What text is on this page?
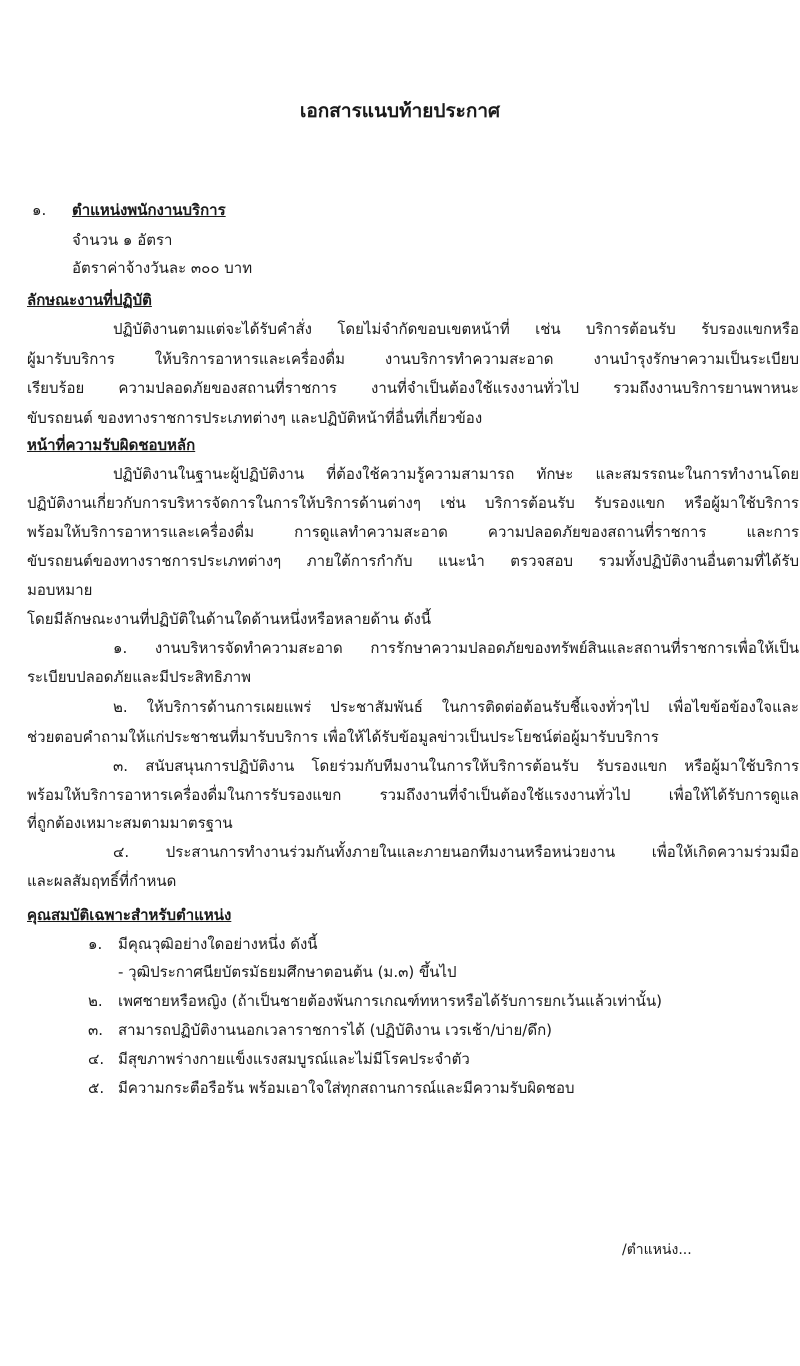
เอกสารแนบท้ายประกาศ
๑. ตำแหน่งพนักงานบริการ
จำนวน ๑ อัตรา
อัตราค่าจ้างวันละ ๓๐๐ บาท
ลักษณะงานที่ปฏิบัติ
ปฏิบัติงานตามแต่จะได้รับคำสั่ง โดยไม่จำกัดขอบเขตหน้าที่ เช่น บริการต้อนรับ รับรองแขกหรือ
ผู้มารับบริการ ให้บริการอาหารและเครื่องดื่ม งานบริการทำความสะอาด งานบำรุงรักษาความเป็นระเบียบ
เรียบร้อย ความปลอดภัยของสถานที่ราชการ งานที่จำเป็นต้องใช้แรงงานทั่วไป รวมถึงงานบริการยานพาหนะ
ขับรถยนต์ ของทางราชการประเภทต่างๆ และปฏิบัติหน้าที่อื่นที่เกี่ยวข้อง
หน้าที่ความรับผิดชอบหลัก
ปฏิบัติงานในฐานะผู้ปฏิบัติงาน ที่ต้องใช้ความรู้ความสามารถ ทักษะ และสมรรถนะในการทำงานโดย
ปฏิบัติงานเกี่ยวกับการบริหารจัดการในการให้บริการด้านต่างๆ เช่น บริการต้อนรับ รับรองแขก หรือผู้มาใช้บริการ
พร้อมให้บริการอาหารและเครื่องดื่ม การดูแลทำความสะอาด ความปลอดภัยของสถานที่ราชการ และการ
ขับรถยนต์ของทางราชการประเภทต่างๆ ภายใต้การกำกับ แนะนำ ตรวจสอบ รวมทั้งปฏิบัติงานอื่นตามที่ได้รับ
มอบหมาย
โดยมีลักษณะงานที่ปฏิบัติในด้านใดด้านหนึ่งหรือหลายด้าน ดังนี้
๑. งานบริหารจัดทำความสะอาด การรักษาความปลอดภัยของทรัพย์สินและสถานที่ราชการเพื่อให้เป็น
ระเบียบปลอดภัยและมีประสิทธิภาพ
๒. ให้บริการด้านการเผยแพร่ ประชาสัมพันธ์ ในการติดต่อต้อนรับชี้แจงทั่วๆไป เพื่อไขข้อข้องใจและ
ช่วยตอบคำถามให้แก่ประชาชนที่มารับบริการ เพื่อให้ได้รับข้อมูลข่าวเป็นประโยชน์ต่อผู้มารับบริการ
๓. สนับสนุนการปฏิบัติงาน โดยร่วมกับทีมงานในการให้บริการต้อนรับ รับรองแขก หรือผู้มาใช้บริการ
พร้อมให้บริการอาหารเครื่องดื่มในการรับรองแขก รวมถึงงานที่จำเป็นต้องใช้แรงงานทั่วไป เพื่อให้ได้รับการดูแล
ที่ถูกต้องเหมาะสมตามมาตรฐาน
๔. ประสานการทำงานร่วมกันทั้งภายในและภายนอกทีมงานหรือหน่วยงาน เพื่อให้เกิดความร่วมมือ
และผลสัมฤทธิ์ที่กำหนด
คุณสมบัติเฉพาะสำหรับตำแหน่ง
๑. มีคุณวุฒิอย่างใดอย่างหนึ่ง ดังนี้
- วุฒิประกาศนียบัตรมัธยมศึกษาตอนต้น (ม.๓) ขึ้นไป
๒. เพศชายหรือหญิง (ถ้าเป็นชายต้องพ้นการเกณฑ์ทหารหรือได้รับการยกเว้นแล้วเท่านั้น)
๓. สามารถปฏิบัติงานนอกเวลาราชการได้ (ปฏิบัติงาน เวรเช้า/บ่าย/ดึก)
๔. มีสุขภาพร่างกายแข็งแรงสมบูรณ์และไม่มีโรคประจำตัว
๕. มีความกระตือรือร้น พร้อมเอาใจใส่ทุกสถานการณ์และมีความรับผิดชอบ
/ตำแหน่ง...
